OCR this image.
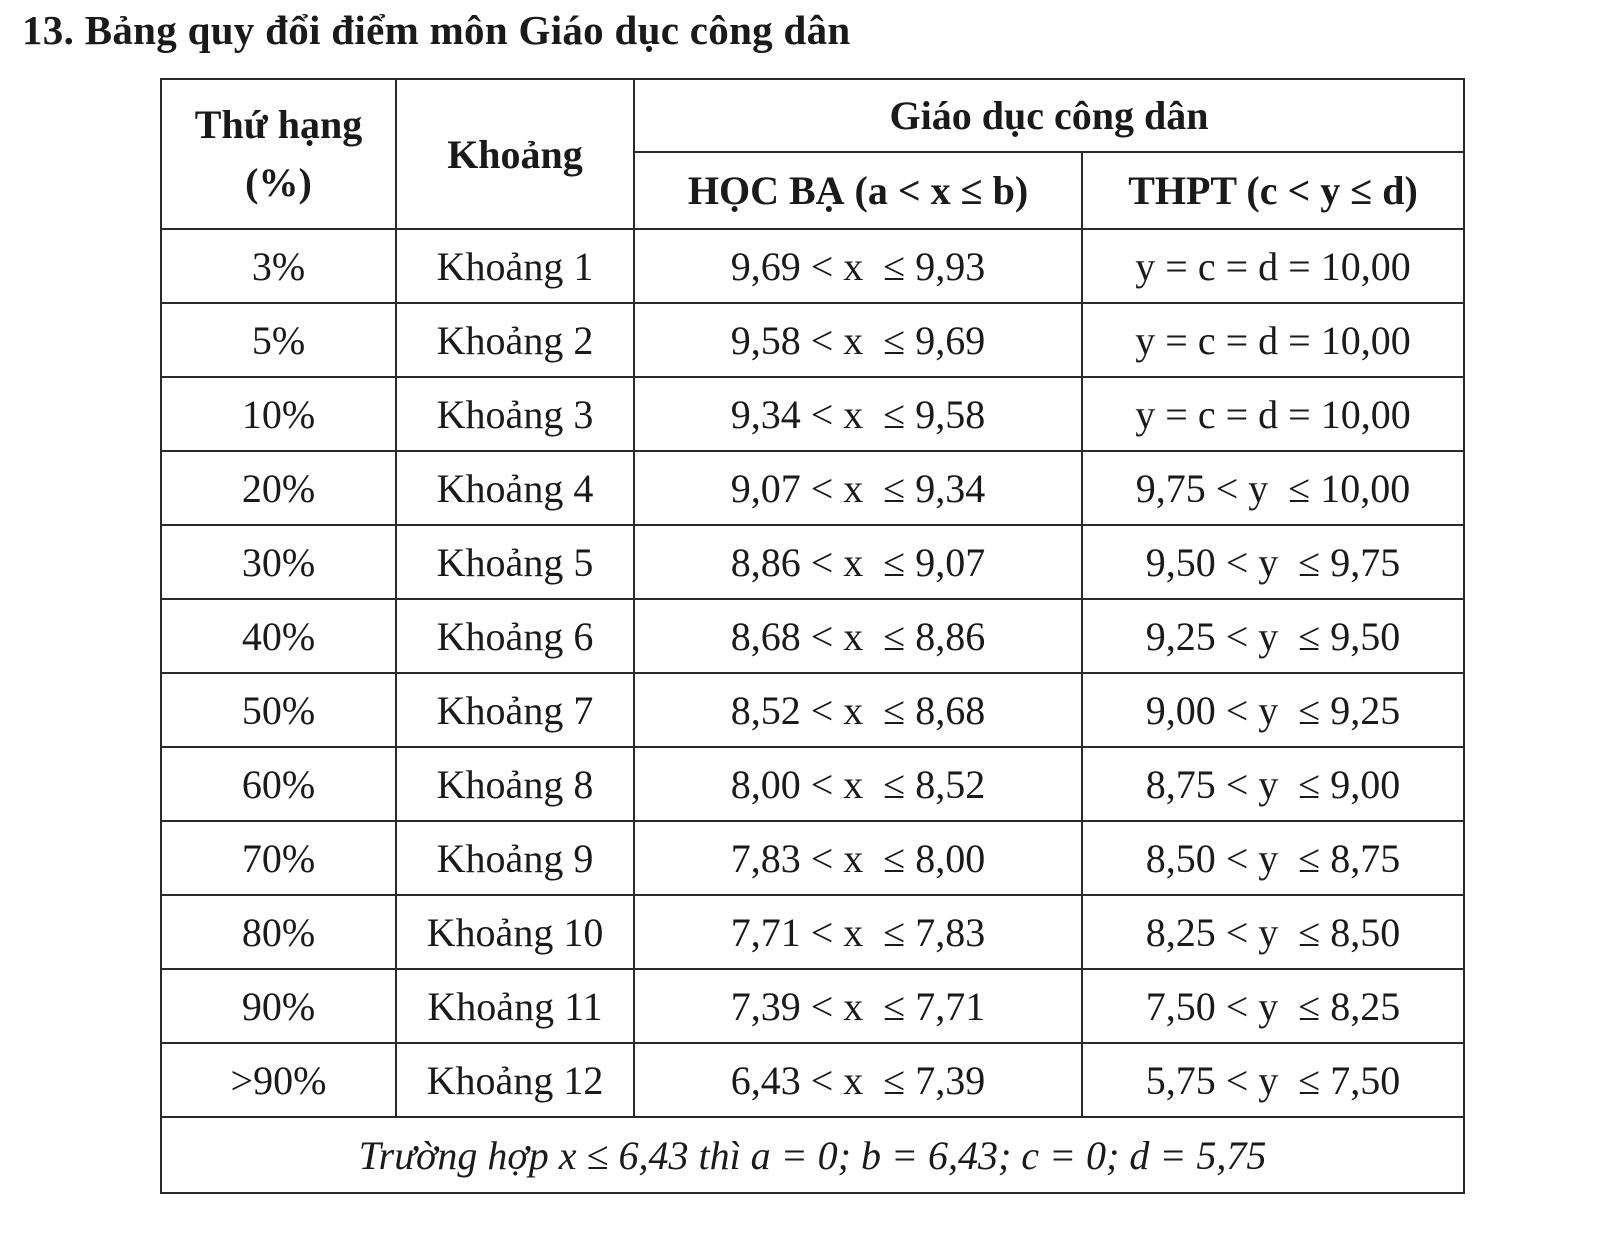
13. Bảng quy đổi điểm môn Giáo dục công dân
Thứ hạng
(%)	Khoảng	Giáo dục công dân	
		HỌC BẠ (a < x ≤ b)	THPT (c < y ≤ d)
3%	Khoảng 1	9,69 < x  ≤ 9,93	y = c = d = 10,00
5%	Khoảng 2	9,58 < x  ≤ 9,69	y = c = d = 10,00
10%	Khoảng 3	9,34 < x  ≤ 9,58	y = c = d = 10,00
20%	Khoảng 4	9,07 < x  ≤ 9,34	9,75 < y  ≤ 10,00
30%	Khoảng 5	8,86 < x  ≤ 9,07	9,50 < y  ≤ 9,75
40%	Khoảng 6	8,68 < x  ≤ 8,86	9,25 < y  ≤ 9,50
50%	Khoảng 7	8,52 < x  ≤ 8,68	9,00 < y  ≤ 9,25
60%	Khoảng 8	8,00 < x  ≤ 8,52	8,75 < y  ≤ 9,00
70%	Khoảng 9	7,83 < x  ≤ 8,00	8,50 < y  ≤ 8,75
80%	Khoảng 10	7,71 < x  ≤ 7,83	8,25 < y  ≤ 8,50
90%	Khoảng 11	7,39 < x  ≤ 7,71	7,50 < y  ≤ 8,25
>90%	Khoảng 12	6,43 < x  ≤ 7,39	5,75 < y  ≤ 7,50
Trường hợp x ≤ 6,43 thì a = 0; b = 6,43; c = 0; d = 5,75			
